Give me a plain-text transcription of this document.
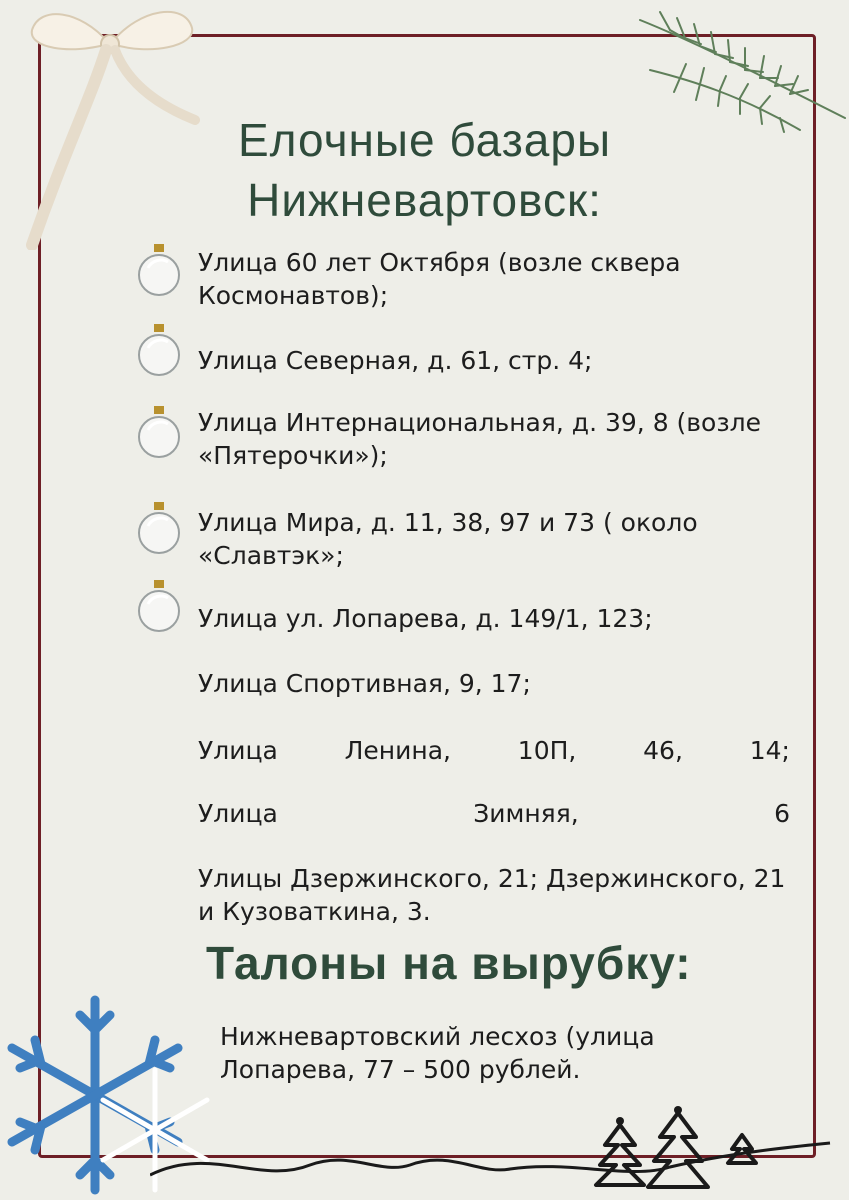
Елочные базары
Нижневартовск:
Улица 60 лет Октября (возле сквера Космонавтов);
Улица Северная, д. 61, стр. 4;
Улица Интернациональная, д. 39, 8 (возле «Пятерочки»);
Улица Мира, д. 11, 38, 97 и 73 ( около «Славтэк»;
Улица ул. Лопарева, д. 149/1, 123;
Улица Спортивная, 9, 17;
Улица	Ленина,	10П,	46,	14;
Улица	Зимняя,	6
Улицы Дзержинского, 21; Дзержинского, 21 и Кузоваткина, 3.
Талоны на вырубку:
Нижневартовский лесхоз (улица Лопарева, 77 – 500 рублей.
